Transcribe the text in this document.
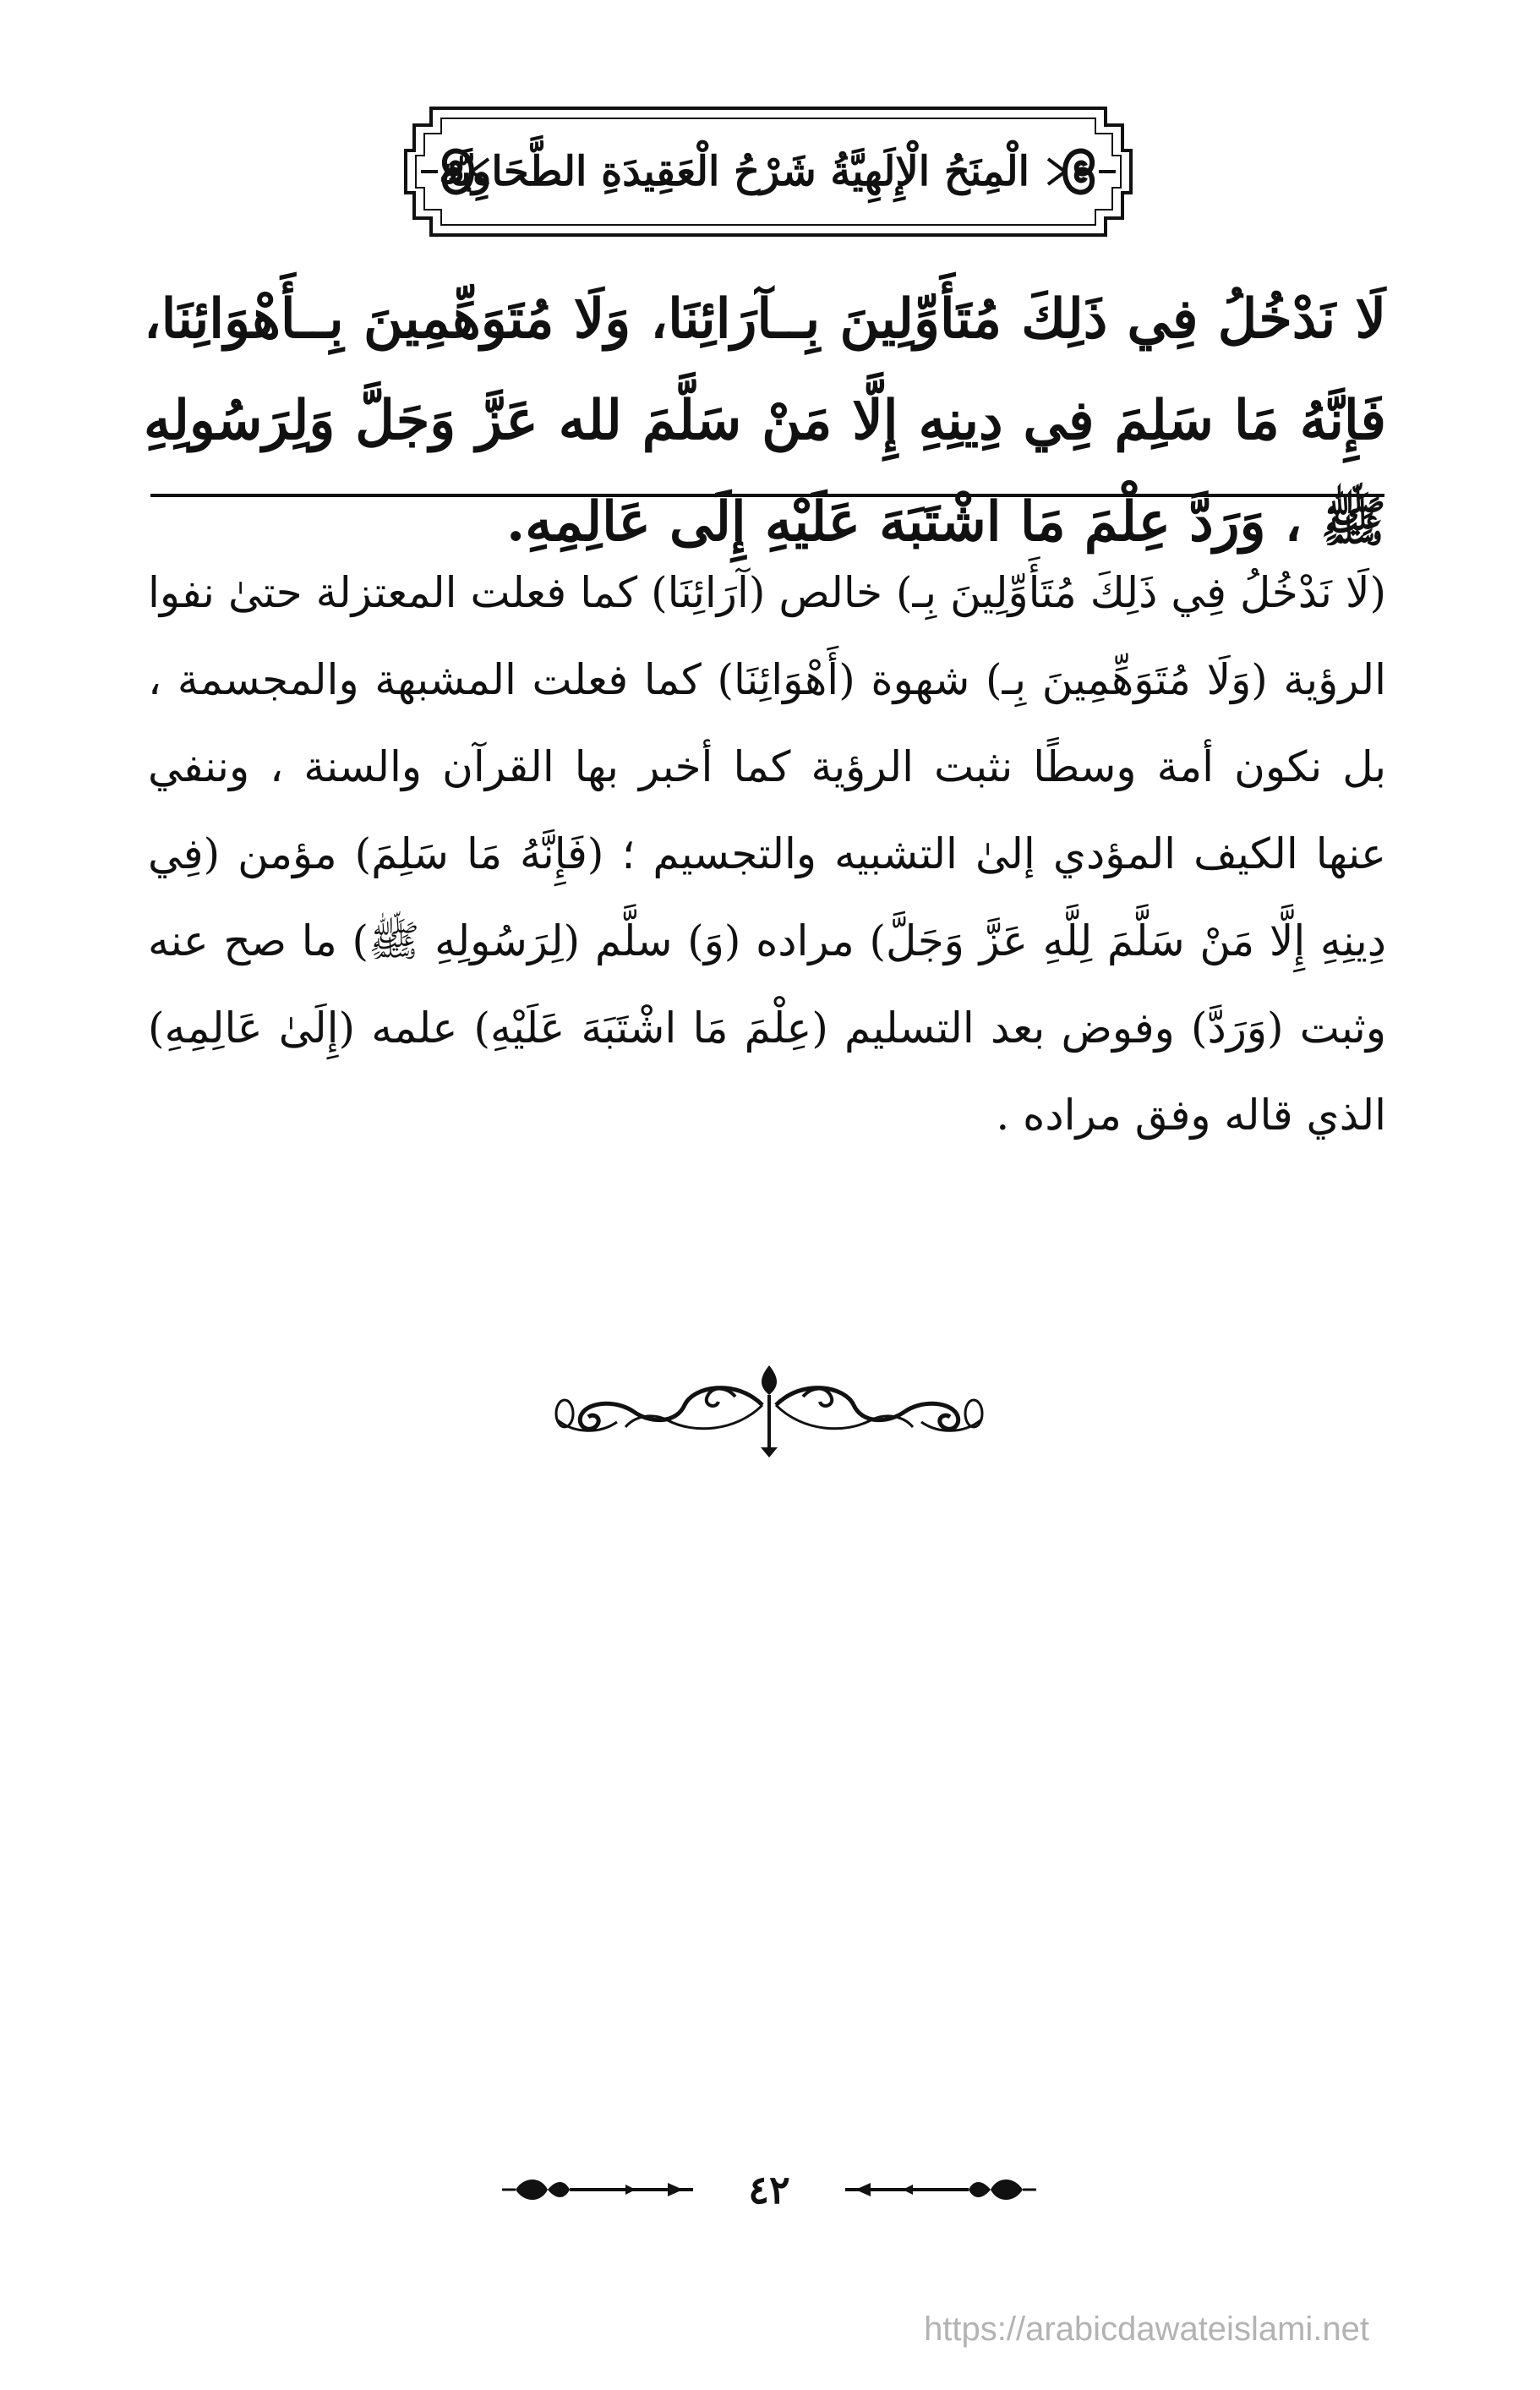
الْمِنَحُ الْإِلَهِيَّةُ شَرْحُ الْعَقِيدَةِ الطَّحَاوِيَّة
لَا نَدْخُلُ فِي ذَلِكَ مُتَأَوِّلِينَ بِــآرَائِنَا، وَلَا مُتَوَهِّمِينَ بِــأَهْوَائِنَا، فَإِنَّهُ مَا سَلِمَ فِي دِينِهِ إِلَّا مَنْ سَلَّمَ لله عَزَّ وَجَلَّ وَلِرَسُولِهِ ﷺ ، وَرَدَّ عِلْمَ مَا اشْتَبَهَ عَلَيْهِ إِلَى عَالِمِهِ.
(لَا نَدْخُلُ فِي ذَلِكَ مُتَأَوِّلِينَ بِـ) خالص (آرَائِنَا) كما فعلت المعتزلة حتىٰ نفوا الرؤية (وَلَا مُتَوَهِّمِينَ بِـ) شهوة (أَهْوَائِنَا) كما فعلت المشبهة والمجسمة ، بل نكون أمة وسطًا نثبت الرؤية كما أخبر بها القرآن والسنة ، وننفي عنها الكيف المؤدي إلىٰ التشبيه والتجسيم ؛ (فَإِنَّهُ مَا سَلِمَ) مؤمن (فِي دِينِهِ إِلَّا مَنْ سَلَّمَ لِلَّهِ عَزَّ وَجَلَّ) مراده (وَ) سلَّم (لِرَسُولِهِ ﷺ) ما صح عنه وثبت (وَرَدَّ) وفوض بعد التسليم (عِلْمَ مَا اشْتَبَهَ عَلَيْهِ) علمه (إِلَىٰ عَالِمِهِ) الذي قاله وفق مراده .
٤٢
https://arabicdawateislami.net
